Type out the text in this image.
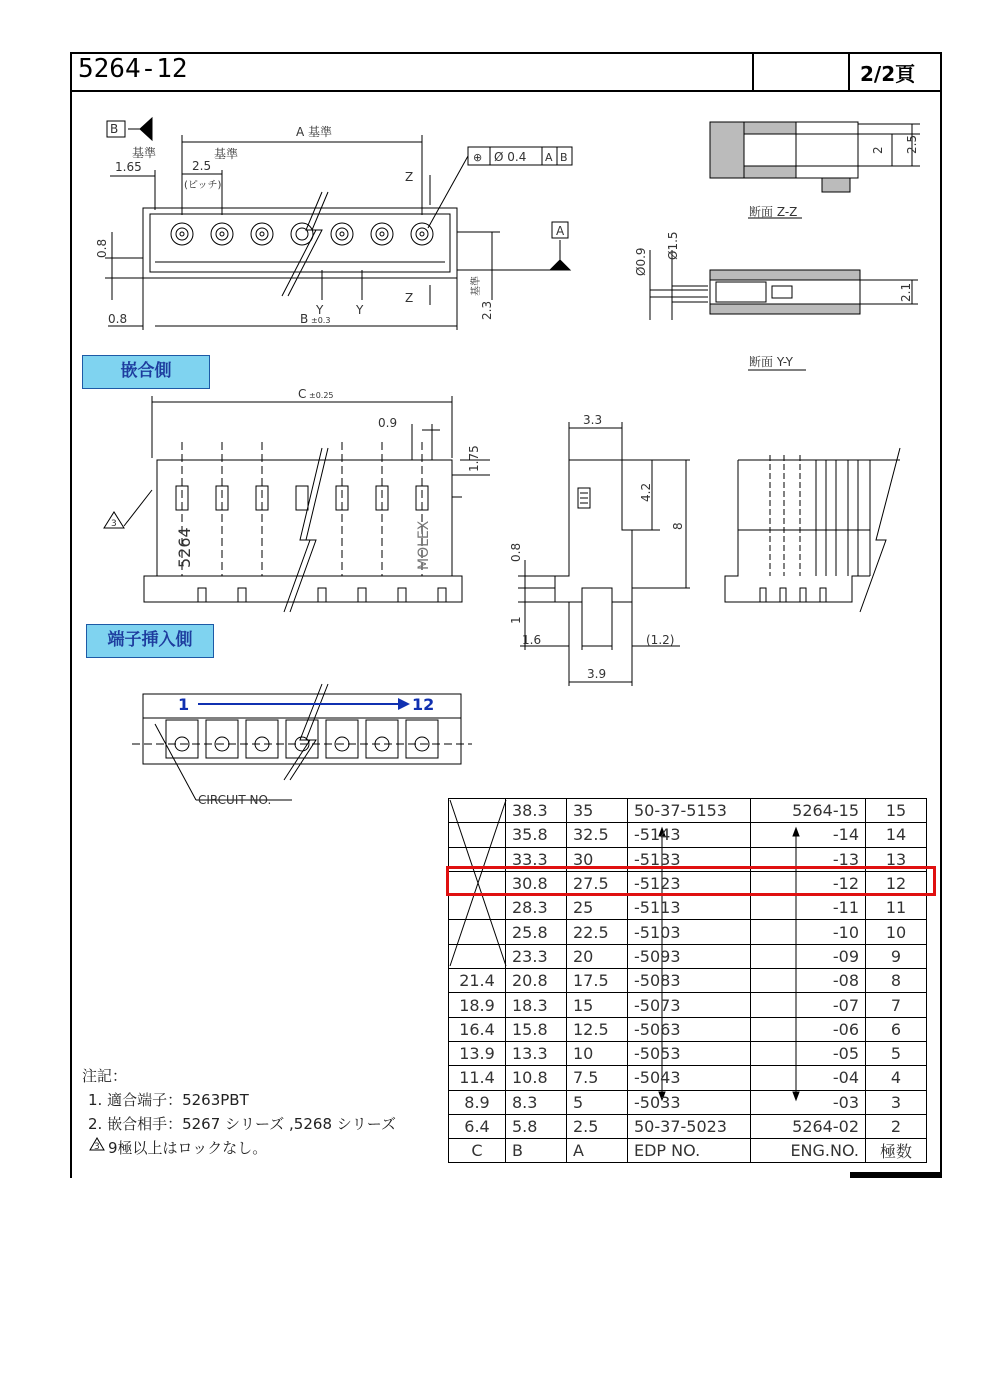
5264-12	2/2頁
B	A 基準
基準
1.65	2.5
基準
(ピッチ)
Z
Z
Y	Y
A
⊕ Ø 0.4 A B
0.8	B ±0.3
0.8
2.3
基準
2 2.5
断面 Z-Z
Ø0.9
Ø1.5
2.1
断面 Y-Y
C ±0.25
0.9
1.75
3
5264	MOLEX
3.3
4.2
8
0.8
1
1.6	(1.2)
3.9
1	12
CIRCUIT NO.
3
嵌合側
端子挿入側
	38.3	35	50-37-5153	5264-15	15
	35.8	32.5	-5143	-14	14
	33.3	30	-5133	-13	13
	30.8	27.5	-5123	-12	12
	28.3	25	-5113	-11	11
	25.8	22.5	-5103	-10	10
	23.3	20	-5093	-09	9
21.4	20.8	17.5	-5083	-08	8
18.9	18.3	15	-5073	-07	7
16.4	15.8	12.5	-5063	-06	6
13.9	13.3	10	-5053	-05	5
11.4	10.8	7.5	-5043	-04	4
8.9	8.3	5	-5033	-03	3
6.4	5.8	2.5	50-37-5023	5264-02	2
C	B	A	EDP NO.	ENG.NO.	極数
注記：
1. 適合端子：5263PBT
2. 嵌合相手：5267 シリーズ ,5268 シリーズ
9極以上はロックなし。
